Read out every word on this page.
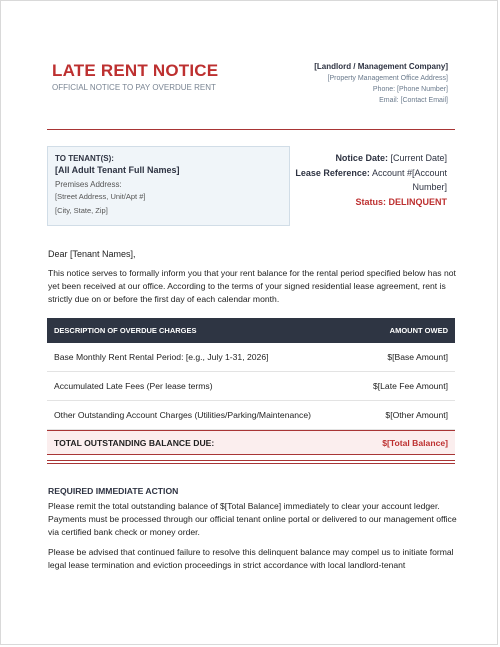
LATE RENT NOTICE
OFFICIAL NOTICE TO PAY OVERDUE RENT
[Landlord / Management Company]
[Property Management Office Address]
Phone: [Phone Number]
Email: [Contact Email]
TO TENANT(S):
[All Adult Tenant Full Names]
Premises Address:
[Street Address, Unit/Apt #]
[City, State, Zip]
Notice Date: [Current Date]
Lease Reference: Account #[Account
Number]
Status: DELINQUENT
Dear [Tenant Names],
This notice serves to formally inform you that your rent balance for the rental period specified below has not yet been received at our office. According to the terms of your signed residential lease agreement, rent is strictly due on or before the first day of each calendar month.
DESCRIPTION OF OVERDUE CHARGES	AMOUNT OWED
Base Monthly Rent Rental Period: [e.g., July 1-31, 2026]	$[Base Amount]
Accumulated Late Fees (Per lease terms)	$[Late Fee Amount]
Other Outstanding Account Charges (Utilities/Parking/Maintenance)	$[Other Amount]
TOTAL OUTSTANDING BALANCE DUE:	$[Total Balance]
REQUIRED IMMEDIATE ACTION
Please remit the total outstanding balance of $[Total Balance] immediately to clear your account ledger. Payments must be processed through our official tenant online portal or delivered to our management office via certified bank check or money order.
Please be advised that continued failure to resolve this delinquent balance may compel us to initiate formal legal lease termination and eviction proceedings in strict accordance with local landlord-tenant
